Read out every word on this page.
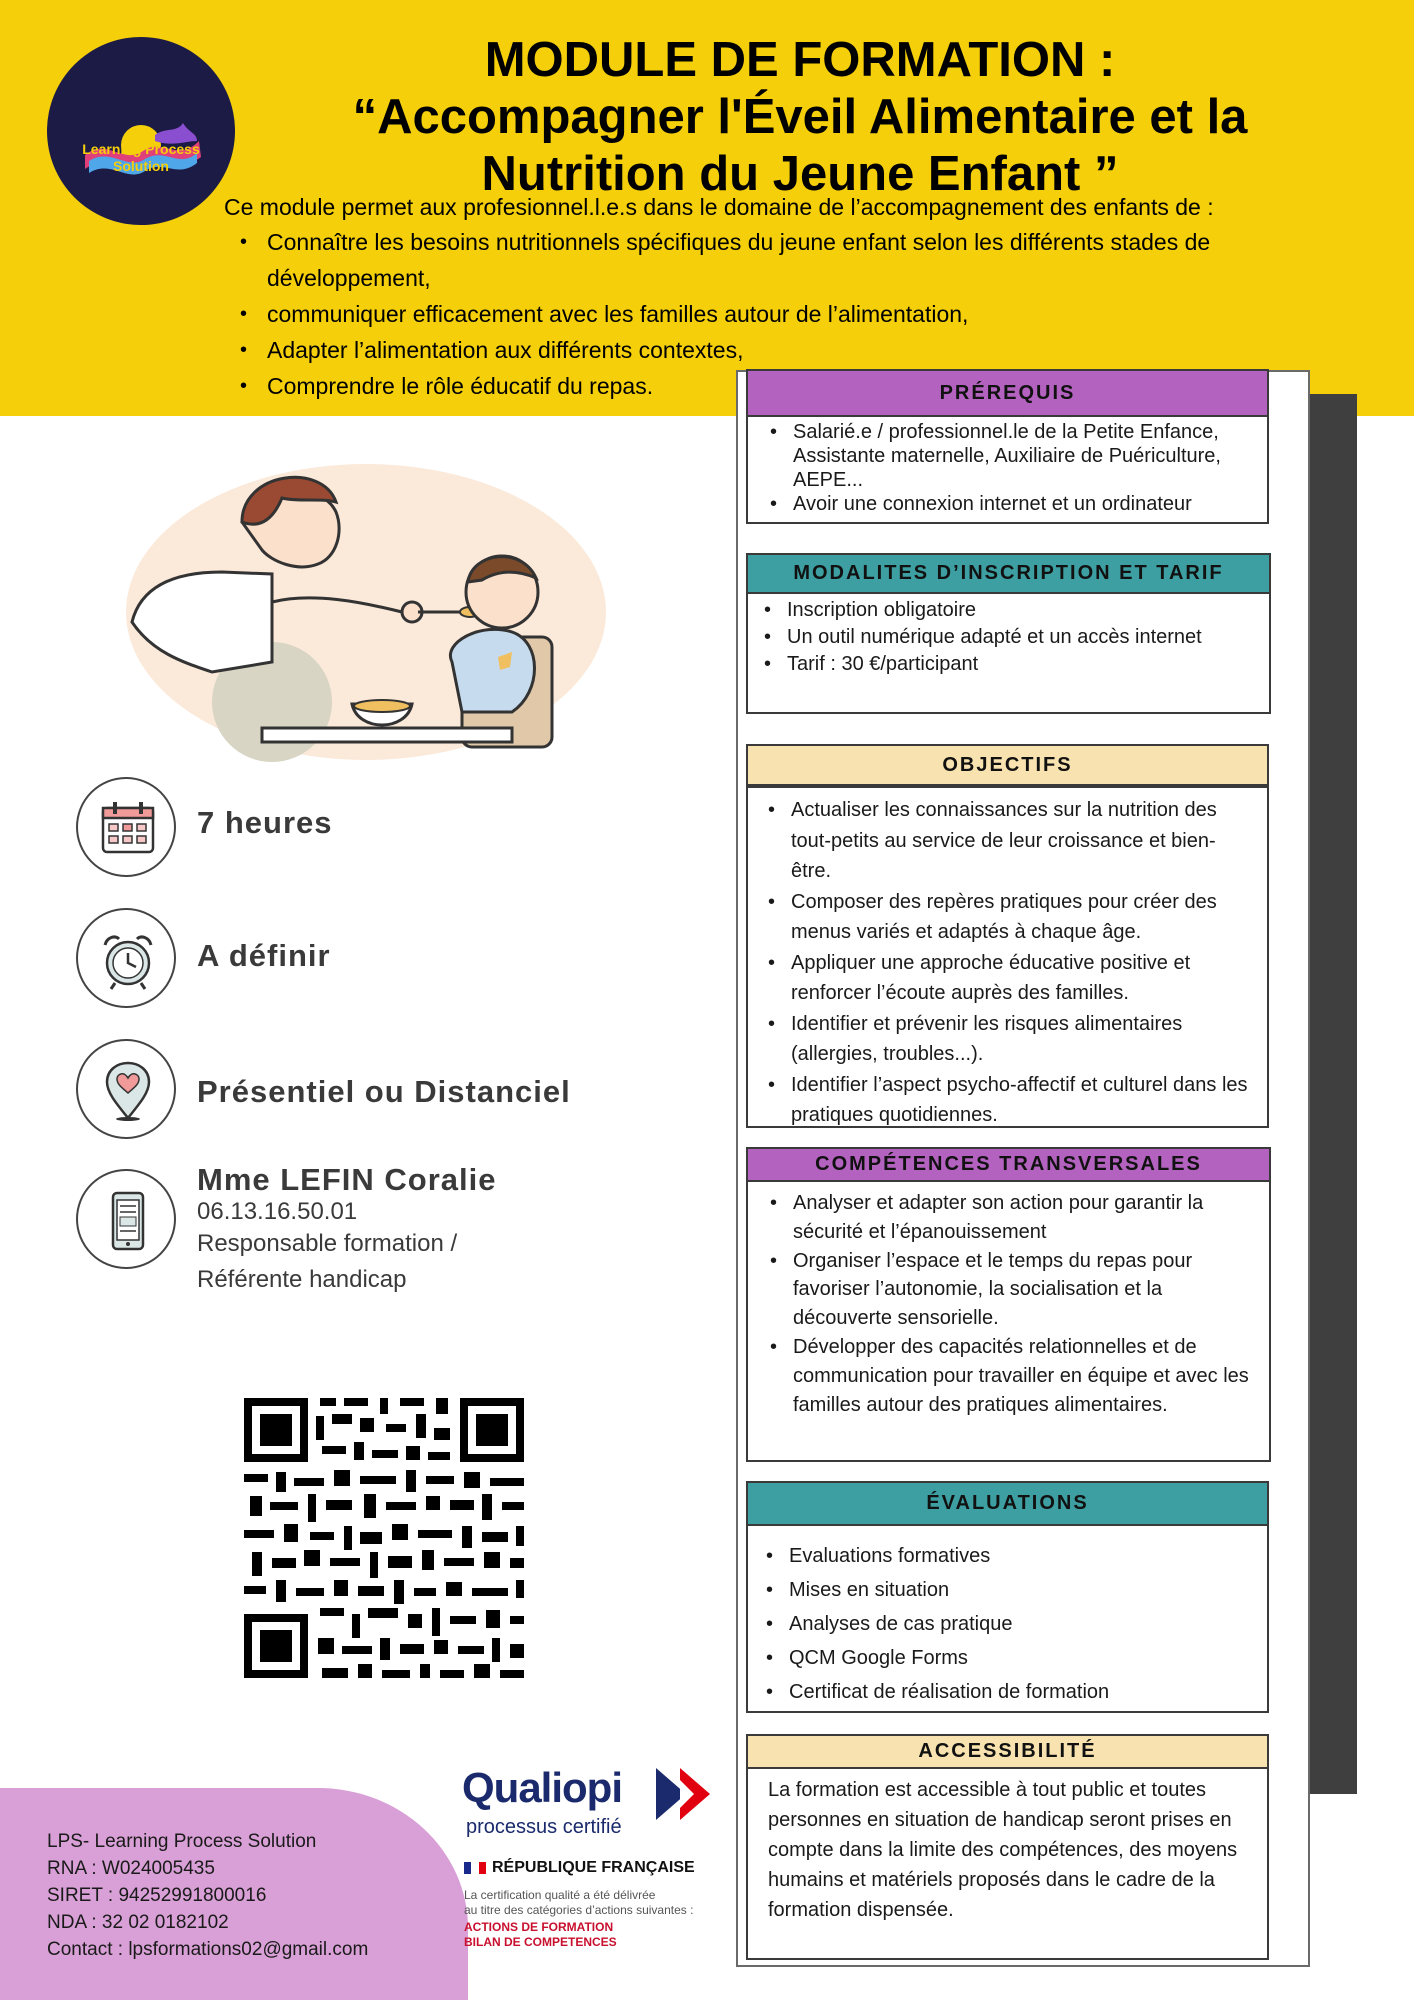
Learning Process
Solution
MODULE DE FORMATION :
“Accompagner l'Éveil Alimentaire et la
Nutrition du Jeune Enfant ”
Ce module permet aux profesionnel.l.e.s dans le domaine de l’accompagnement des enfants de :
• Connaître les besoins nutritionnels spécifiques du jeune enfant selon les différents stades de développement,
• communiquer efficacement avec les familles autour de l’alimentation,
• Adapter l’alimentation aux différents contextes,
• Comprendre le rôle éducatif du repas.	PRÉREQUIS
• Salarié.e / professionnel.le de la Petite Enfance, Assistante maternelle, Auxiliaire de Puériculture, AEPE...
• Avoir une connexion internet et un ordinateur
MODALITES D’INSCRIPTION ET TARIF
• Inscription obligatoire
• Un outil numérique adapté et un accès internet
• Tarif : 30 €/participant
OBJECTIFS
• Actualiser les connaissances sur la nutrition des tout-petits au service de leur croissance et bien-être.
• Composer des repères pratiques pour créer des menus variés et adaptés à chaque âge.
• Appliquer une approche éducative positive et renforcer l’écoute auprès des familles.
• Identifier et prévenir les risques alimentaires (allergies, troubles...).
• Identifier l’aspect psycho-affectif et culturel dans les pratiques quotidiennes.
COMPÉTENCES TRANSVERSALES
• Analyser et adapter son action pour garantir la sécurité et l’épanouissement
• Organiser l’espace et le temps du repas pour favoriser l’autonomie, la socialisation et la découverte sensorielle.
• Développer des capacités relationnelles et de communication pour travailler en équipe et avec les familles autour des pratiques alimentaires.
ÉVALUATIONS
• Evaluations formatives
• Mises en situation
• Analyses de cas pratique
• QCM Google Forms
• Certificat de réalisation de formation
ACCESSIBILITÉ

La formation est accessible à tout public et toutes personnes en situation de handicap seront prises en compte dans la limite des compétences, des moyens humains et matériels proposés dans le cadre de la formation dispensée.

7 heures
A définir
Présentiel ou Distanciel
Mme LEFIN Coralie
06.13.16.50.01
Responsable formation /
Référente handicap
LPS- Learning Process Solution
RNA : W024005435
SIRET : 94252991800016
NDA : 32 02 0182102
Contact : lpsformations02@gmail.com
Qualiopi
processus certifié
RÉPUBLIQUE FRANÇAISE
La certification qualité a été délivrée
au titre des catégories d’actions suivantes :
ACTIONS DE FORMATION
BILAN DE COMPETENCES
